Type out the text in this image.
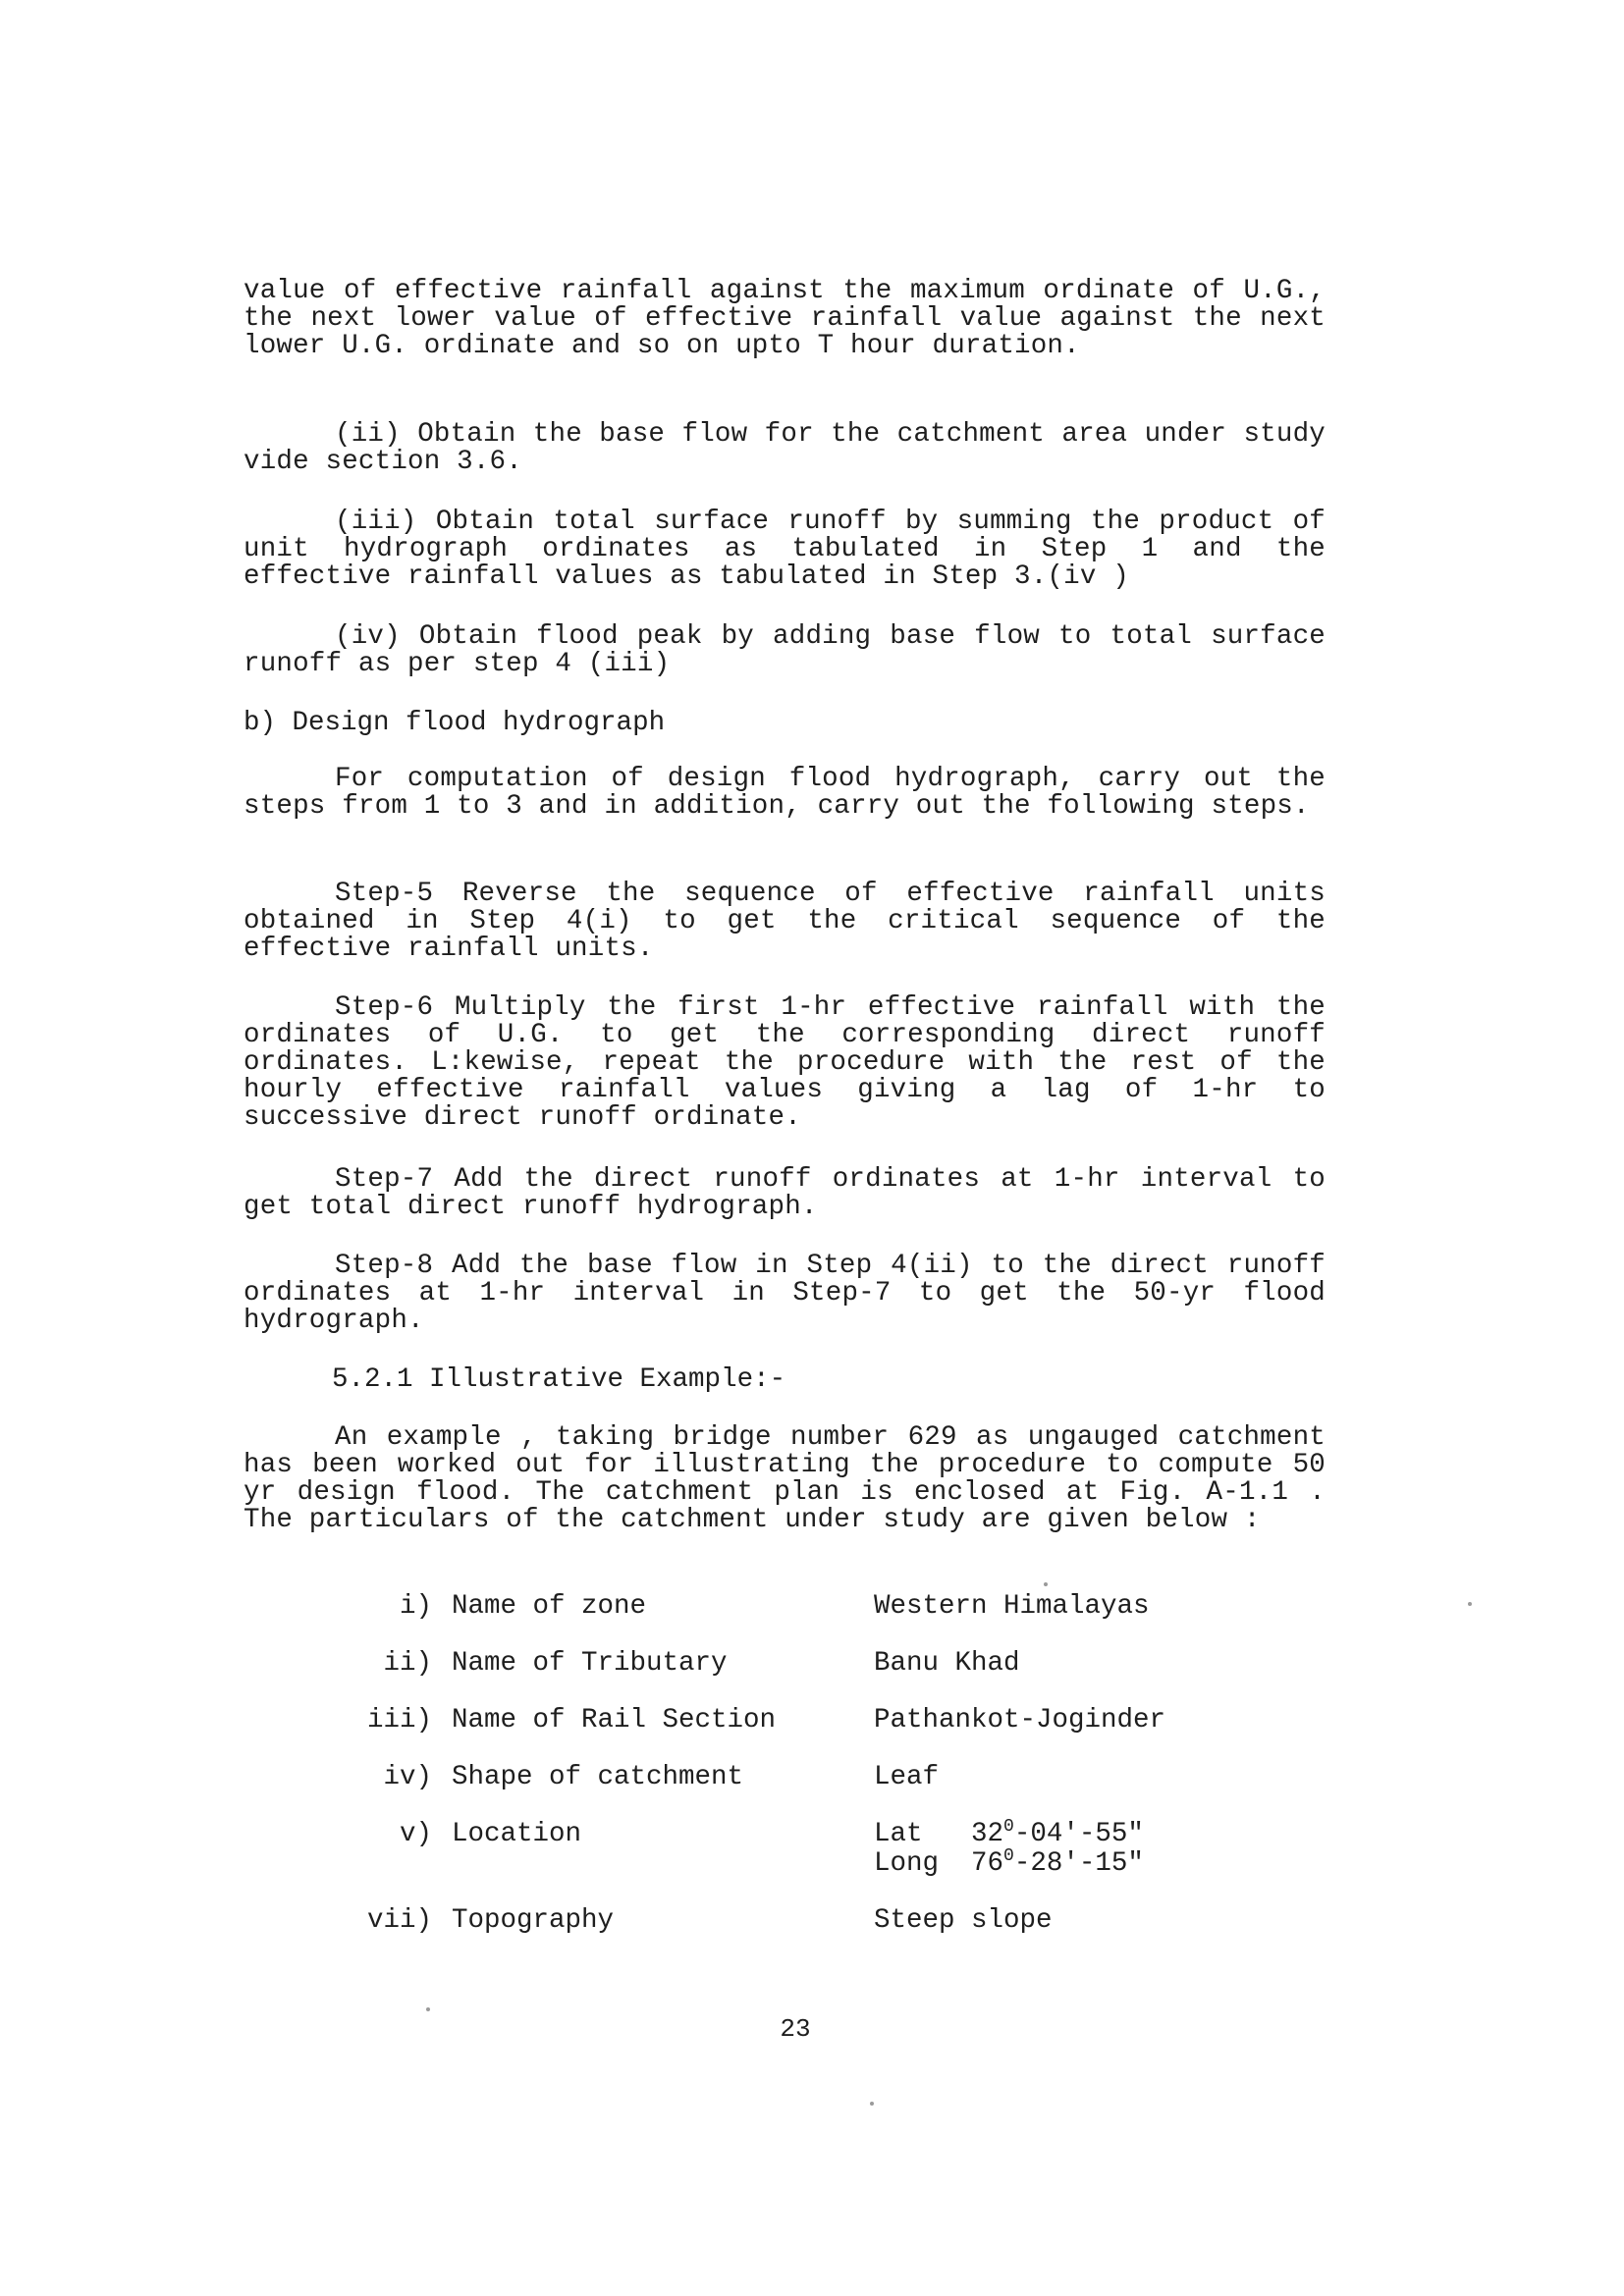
value of effective rainfall against the maximum ordinate of U.G., the next lower value of effective rainfall value against the next lower U.G. ordinate and so on upto T hour duration.

(ii) Obtain the base flow for the catchment area under study vide section 3.6.

(iii) Obtain total surface runoff by summing the product of unit hydrograph ordinates as tabulated in Step 1 and the effective rainfall values as tabulated in Step 3.(iv )

(iv) Obtain flood peak by adding base flow to total surface runoff as per step 4 (iii)

b) Design flood hydrograph

For computation of design flood hydrograph, carry out the steps from 1 to 3 and in addition, carry out the following steps.

Step-5 Reverse the sequence of effective rainfall units obtained in Step 4(i) to get the critical sequence of the effective rainfall units.

Step-6 Multiply the first 1-hr effective rainfall with the ordinates of U.G. to get the corresponding direct runoff ordinates. L:kewise, repeat the procedure with the rest of the hourly effective rainfall values giving a lag of 1-hr to successive direct runoff ordinate.

Step-7 Add the direct runoff ordinates at 1-hr interval to get total direct runoff hydrograph.

Step-8 Add the base flow in Step 4(ii) to the direct runoff ordinates at 1-hr interval in Step-7 to get the 50-yr flood hydrograph.

5.2.1 Illustrative Example:-

An example , taking bridge number 629 as ungauged catchment has been worked out for illustrating the procedure to compute 50 yr design flood. The catchment plan is enclosed at Fig. A-1.1 . The particulars of the catchment under study are given below :

i) Name of zone	Western Himalayas
ii) Name of Tributary	Banu Khad
iii) Name of Rail Section	Pathankot-Joginder
iv) Shape of catchment	Leaf
v) Location	Lat $32^0-04'-55$"
Long $76^0-28'-15$"
vii) Topography	Steep slope
23
